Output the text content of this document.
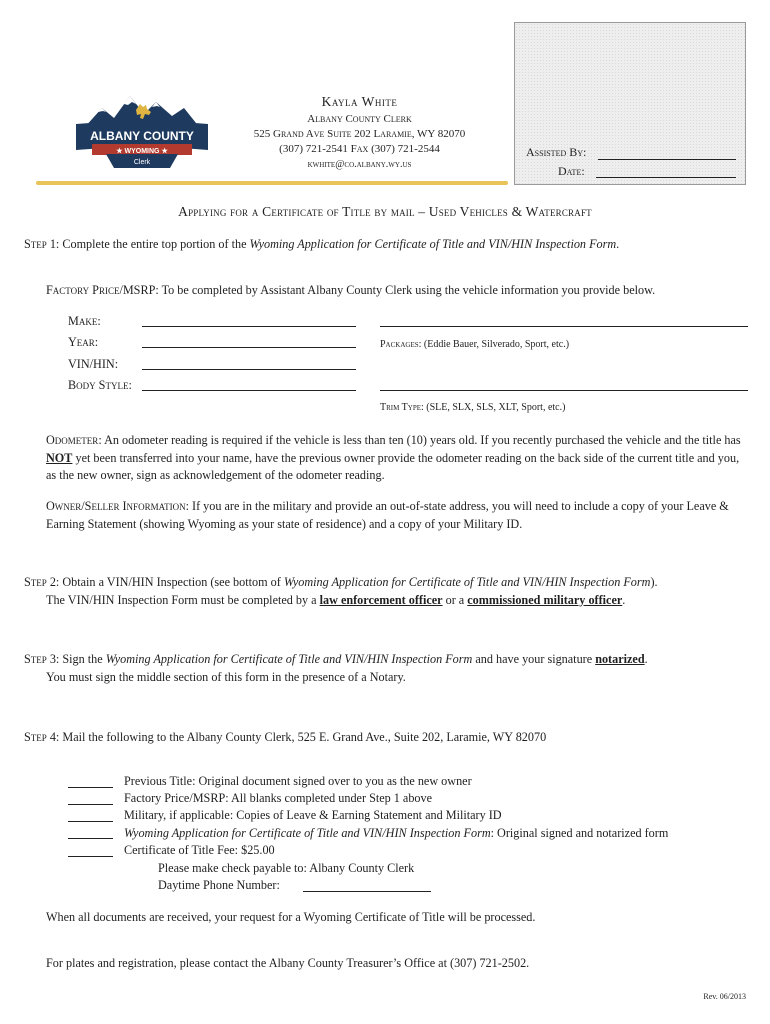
ALBANY COUNTY
★ WYOMING ★
Clerk
Kayla White
Albany County Clerk
525 Grand Ave Suite 202 Laramie, WY 82070
(307) 721-2541 Fax (307) 721-2544
kwhite@co.albany.wy.us
Assisted By:
Date:
Applying for a Certificate of Title by mail – Used Vehicles & Watercraft
Step 1: Complete the entire top portion of the Wyoming Application for Certificate of Title and VIN/HIN Inspection Form.
Factory Price/MSRP: To be completed by Assistant Albany County Clerk using the vehicle information you provide below.
Make:
Year:
VIN/HIN:
Body Style:
Packages: (Eddie Bauer, Silverado, Sport, etc.)
Trim Type: (SLE, SLX, SLS, XLT, Sport, etc.)
Odometer: An odometer reading is required if the vehicle is less than ten (10) years old. If you recently purchased the vehicle and the title has NOT yet been transferred into your name, have the previous owner provide the odometer reading on the back side of the current title and you, as the new owner, sign as acknowledgement of the odometer reading.
Owner/Seller Information: If you are in the military and provide an out-of-state address, you will need to include a copy of your Leave & Earning Statement (showing Wyoming as your state of residence) and a copy of your Military ID.
Step 2: Obtain a VIN/HIN Inspection (see bottom of Wyoming Application for Certificate of Title and VIN/HIN Inspection Form).
The VIN/HIN Inspection Form must be completed by a law enforcement officer or a commissioned military officer.
Step 3: Sign the Wyoming Application for Certificate of Title and VIN/HIN Inspection Form and have your signature notarized.
You must sign the middle section of this form in the presence of a Notary.
Step 4: Mail the following to the Albany County Clerk, 525 E. Grand Ave., Suite 202, Laramie, WY 82070
Previous Title: Original document signed over to you as the new owner
Factory Price/MSRP: All blanks completed under Step 1 above
Military, if applicable: Copies of Leave & Earning Statement and Military ID
Wyoming Application for Certificate of Title and VIN/HIN Inspection Form: Original signed and notarized form
Certificate of Title Fee: $25.00
Please make check payable to: Albany County Clerk
Daytime Phone Number:
When all documents are received, your request for a Wyoming Certificate of Title will be processed.
For plates and registration, please contact the Albany County Treasurer’s Office at (307) 721-2502.
Rev. 06/2013
